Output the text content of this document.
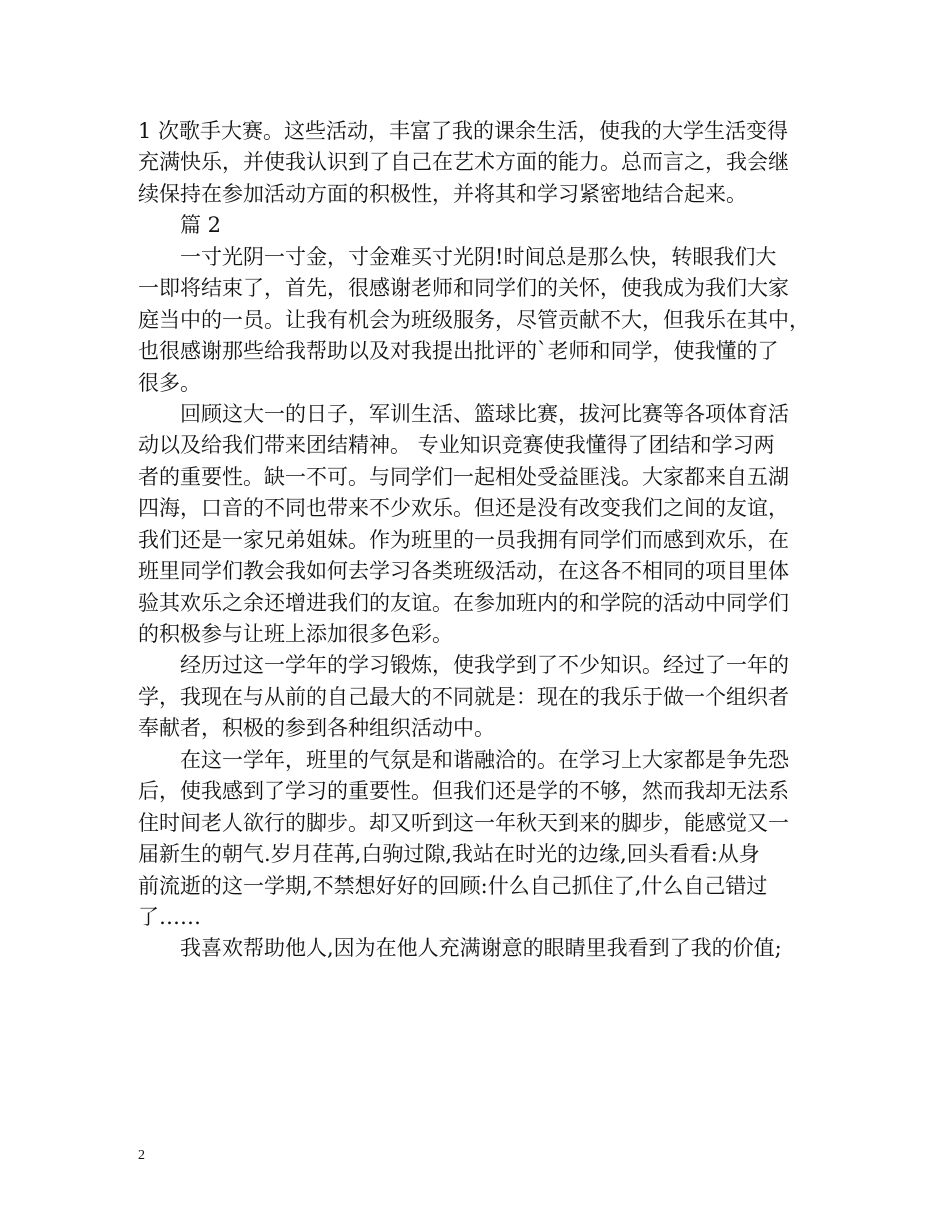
1 次歌手大赛。这些活动，丰富了我的课余生活，使我的大学生活变得
充满快乐，并使我认识到了自己在艺术方面的能力。总而言之，我会继
续保持在参加活动方面的积极性，并将其和学习紧密地结合起来。
篇 2
一寸光阴一寸金，寸金难买寸光阴!时间总是那么快，转眼我们大
一即将结束了，首先，很感谢老师和同学们的关怀，使我成为我们大家
庭当中的一员。让我有机会为班级服务，尽管贡献不大，但我乐在其中，
也很感谢那些给我帮助以及对我提出批评的`老师和同学，使我懂的了
很多。
回顾这大一的日子，军训生活、篮球比赛，拔河比赛等各项体育活
动以及给我们带来团结精神。 专业知识竞赛使我懂得了团结和学习两
者的重要性。缺一不可。与同学们一起相处受益匪浅。大家都来自五湖
四海，口音的不同也带来不少欢乐。但还是没有改变我们之间的友谊，
我们还是一家兄弟姐妹。作为班里的一员我拥有同学们而感到欢乐，在
班里同学们教会我如何去学习各类班级活动，在这各不相同的项目里体
验其欢乐之余还增进我们的友谊。在参加班内的和学院的活动中同学们
的积极参与让班上添加很多色彩。
经历过这一学年的学习锻炼，使我学到了不少知识。经过了一年的
学，我现在与从前的自己最大的不同就是：现在的我乐于做一个组织者
奉献者，积极的参到各种组织活动中。
在这一学年，班里的气氛是和谐融洽的。在学习上大家都是争先恐
后，使我感到了学习的重要性。但我们还是学的不够，然而我却无法系
住时间老人欲行的脚步。却又听到这一年秋天到来的脚步，能感觉又一
届新生的朝气.岁月荏苒,白驹过隙,我站在时光的边缘,回头看看:从身
前流逝的这一学期,不禁想好好的回顾:什么自己抓住了,什么自己错过
了……
我喜欢帮助他人,因为在他人充满谢意的眼睛里我看到了我的价值;
2
